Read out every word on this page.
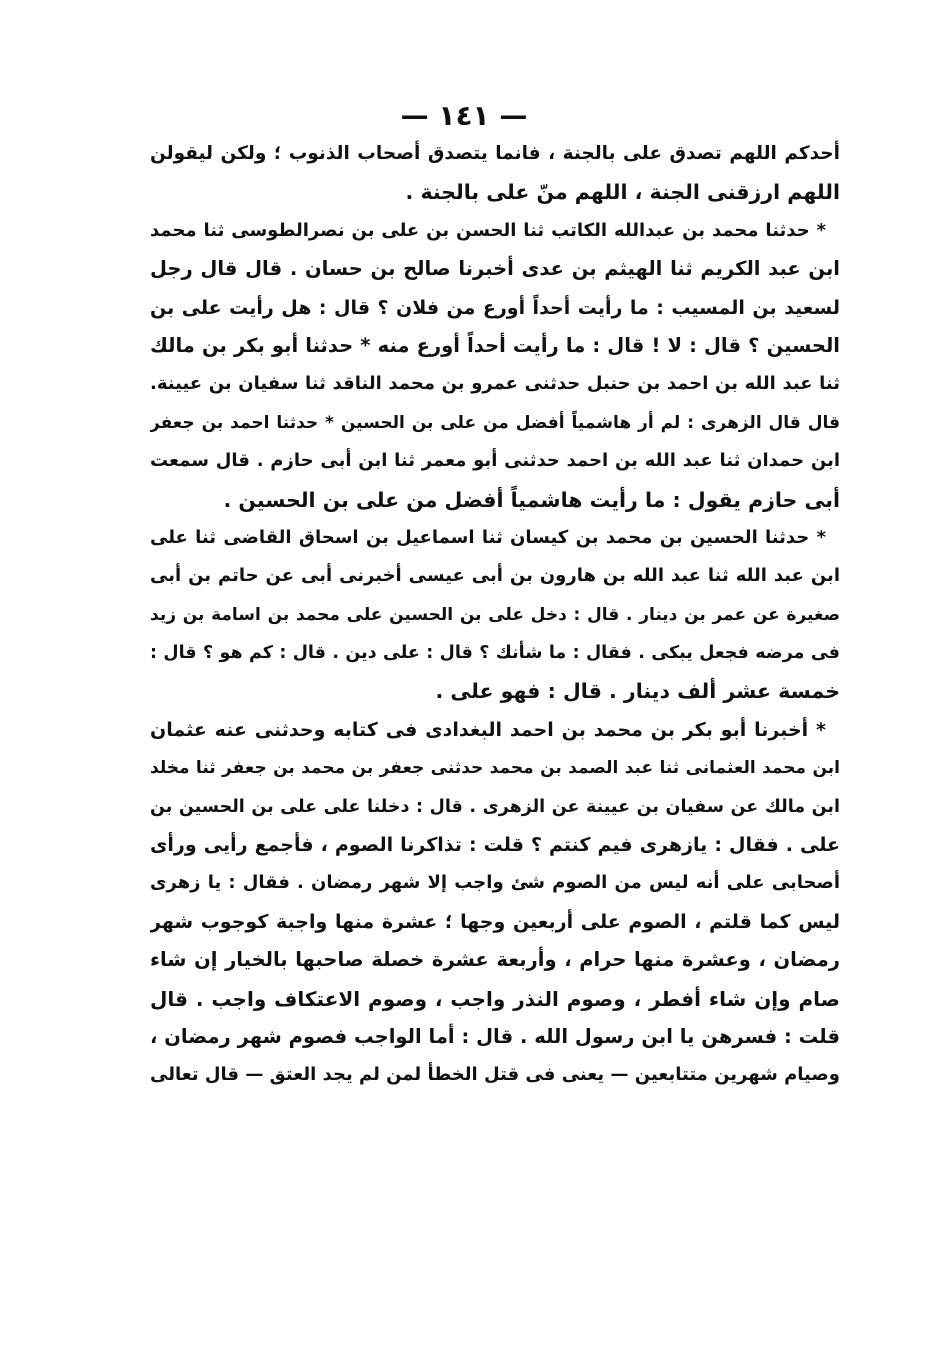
— ١٤١ —
أحدكم اللهم تصدق على بالجنة ، فانما يتصدق أصحاب الذنوب ؛ ولكن ليقولن
اللهم ارزقنى الجنة ، اللهم منّ على بالجنة .
* حدثنا محمد بن عبدالله الكاتب ثنا الحسن بن على بن نصرالطوسى ثنا محمد
ابن عبد الكريم ثنا الهيثم بن عدى أخبرنا صالح بن حسان . قال قال رجل
لسعيد بن المسيب : ما رأيت أحداً أورع من فلان ؟ قال : هل رأيت على بن
الحسين ؟ قال : لا ! قال : ما رأيت أحداً أورع منه * حدثنا أبو بكر بن مالك
ثنا عبد الله بن احمد بن حنبل حدثنى عمرو بن محمد الناقد ثنا سفيان بن عيينة.
قال قال الزهرى : لم أر هاشمياً أفضل من على بن الحسين * حدثنا احمد بن جعفر
ابن حمدان ثنا عبد الله بن احمد حدثنى أبو معمر ثنا ابن أبى حازم . قال سمعت
أبى حازم يقول : ما رأيت هاشمياً أفضل من على بن الحسين .
* حدثنا الحسين بن محمد بن كيسان ثنا اسماعيل بن اسحاق القاضى ثنا على
ابن عبد الله ثنا عبد الله بن هارون بن أبى عيسى أخبرنى أبى عن حاتم بن أبى
صغيرة عن عمر بن دينار . قال : دخل على بن الحسين على محمد بن اسامة بن زيد
فى مرضه فجعل يبكى . فقال : ما شأنك ؟ قال : على دين . قال : كم هو ؟ قال :
خمسة عشر ألف دينار . قال : فهو على .
* أخبرنا أبو بكر بن محمد بن احمد البغدادى فى كتابه وحدثنى عنه عثمان
ابن محمد العثمانى ثنا عبد الصمد بن محمد حدثنى جعفر بن محمد بن جعفر ثنا مخلد
ابن مالك عن سفيان بن عيينة عن الزهرى . قال : دخلنا على على بن الحسين بن
على . فقال : يازهرى فيم كنتم ؟ قلت : تذاكرنا الصوم ، فأجمع رأيى ورأى
أصحابى على أنه ليس من الصوم شئ واجب إلا شهر رمضان . فقال : يا زهرى
ليس كما قلتم ، الصوم على أربعين وجها ؛ عشرة منها واجبة كوجوب شهر
رمضان ، وعشرة منها حرام ، وأربعة عشرة خصلة صاحبها بالخيار إن شاء
صام وإن شاء أفطر ، وصوم النذر واجب ، وصوم الاعتكاف واجب . قال
قلت : فسرهن يا ابن رسول الله . قال : أما الواجب فصوم شهر رمضان ،
وصيام شهرين متتابعين — يعنى فى قتل الخطأ لمن لم يجد العتق — قال تعالى
